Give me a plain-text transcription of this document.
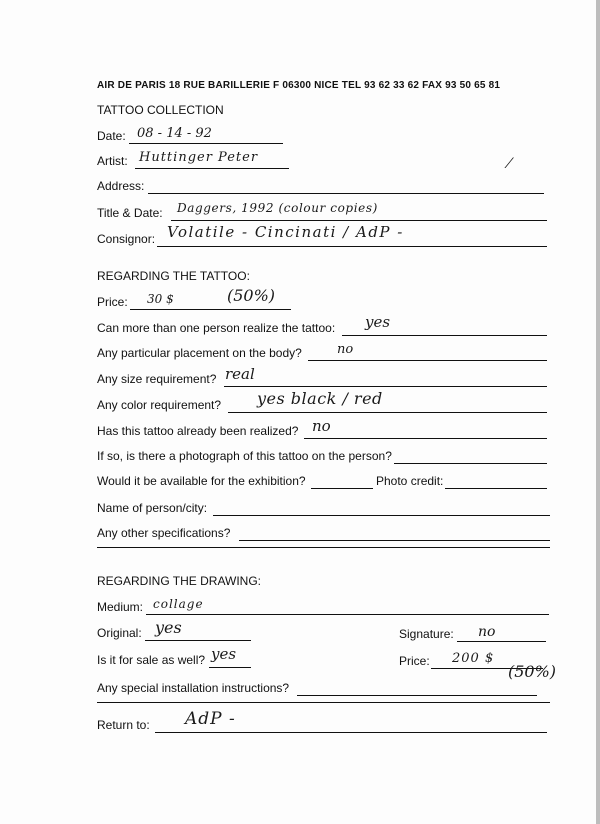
AIR DE PARIS 18 RUE BARILLERIE F 06300 NICE TEL 93 62 33 62 FAX 93 50 65 81
TATTOO COLLECTION
Date: 08 - 14 - 92
Artist: Huttinger Peter	⁄
Address:
Title & Date: Daggers, 1992 (colour copies)
Consignor: Volatile - Cincinati / AdP -
REGARDING THE TATTOO:
Price: 30 $	(50%)
Can more than one person realize the tattoo: yes
Any particular placement on the body?	no
Any size requirement? real
Any color requirement? yes black / red
Has this tattoo already been realized? no
If so, is there a photograph of this tattoo on the person?
Would it be available for the exhibition?	Photo credit:
Name of person/city:
Any other specifications?
REGARDING THE DRAWING:
Medium: collage
Original: yes	Signature: no
Is it for sale as well? yes	Price: 200 $
(50%)
Any special installation instructions?
Return to: AdP -
